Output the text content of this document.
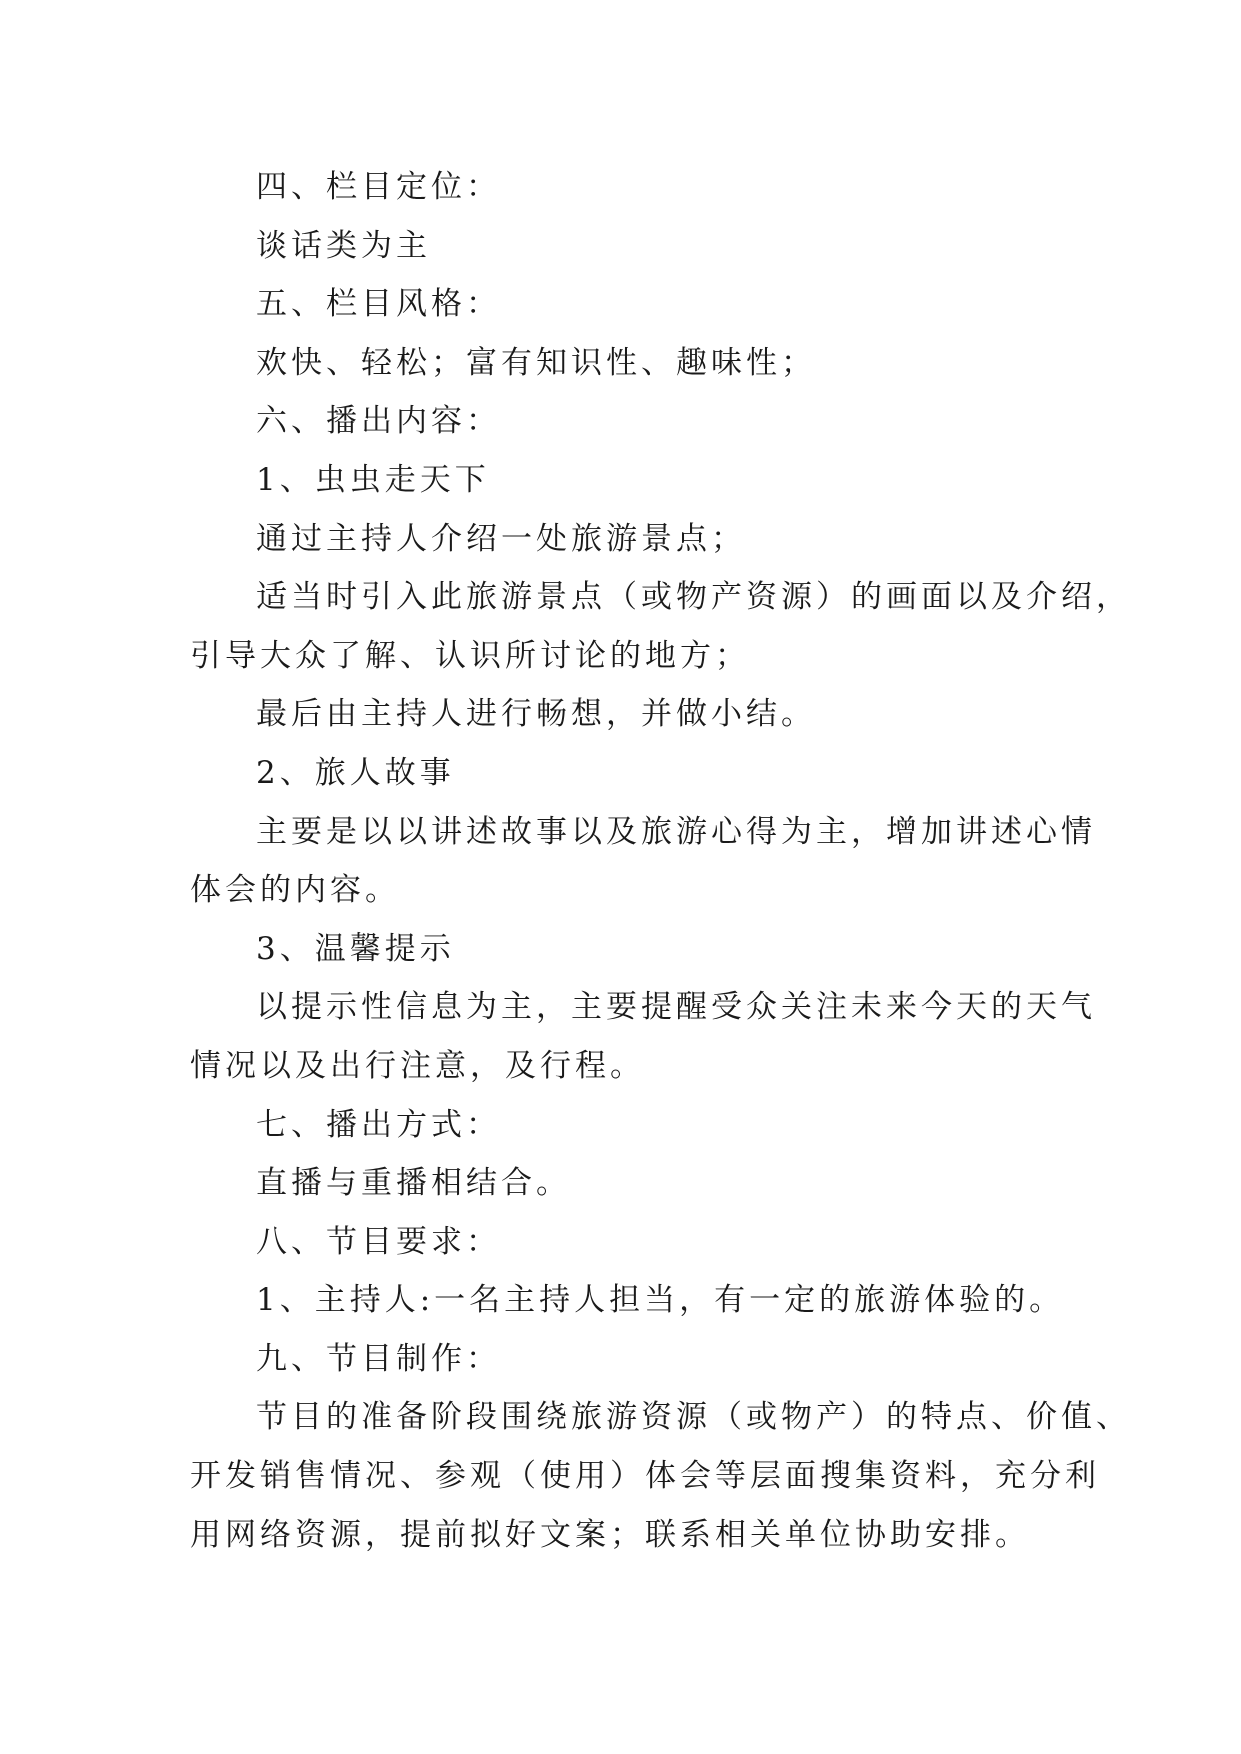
四、栏目定位：

谈话类为主

五、栏目风格：

欢快、轻松；富有知识性、趣味性；

六、播出内容：

1、虫虫走天下

通过主持人介绍一处旅游景点；

适当时引入此旅游景点（或物产资源）的画面以及介绍，

引导大众了解、认识所讨论的地方；

最后由主持人进行畅想，并做小结。

2、旅人故事

主要是以以讲述故事以及旅游心得为主，增加讲述心情

体会的内容。

3、温馨提示

以提示性信息为主，主要提醒受众关注未来今天的天气

情况以及出行注意，及行程。

七、播出方式：

直播与重播相结合。

八、节目要求：

1、主持人:一名主持人担当，有一定的旅游体验的。

九、节目制作：

节目的准备阶段围绕旅游资源（或物产）的特点、价值、

开发销售情况、参观（使用）体会等层面搜集资料，充分利

用网络资源，提前拟好文案；联系相关单位协助安排。
